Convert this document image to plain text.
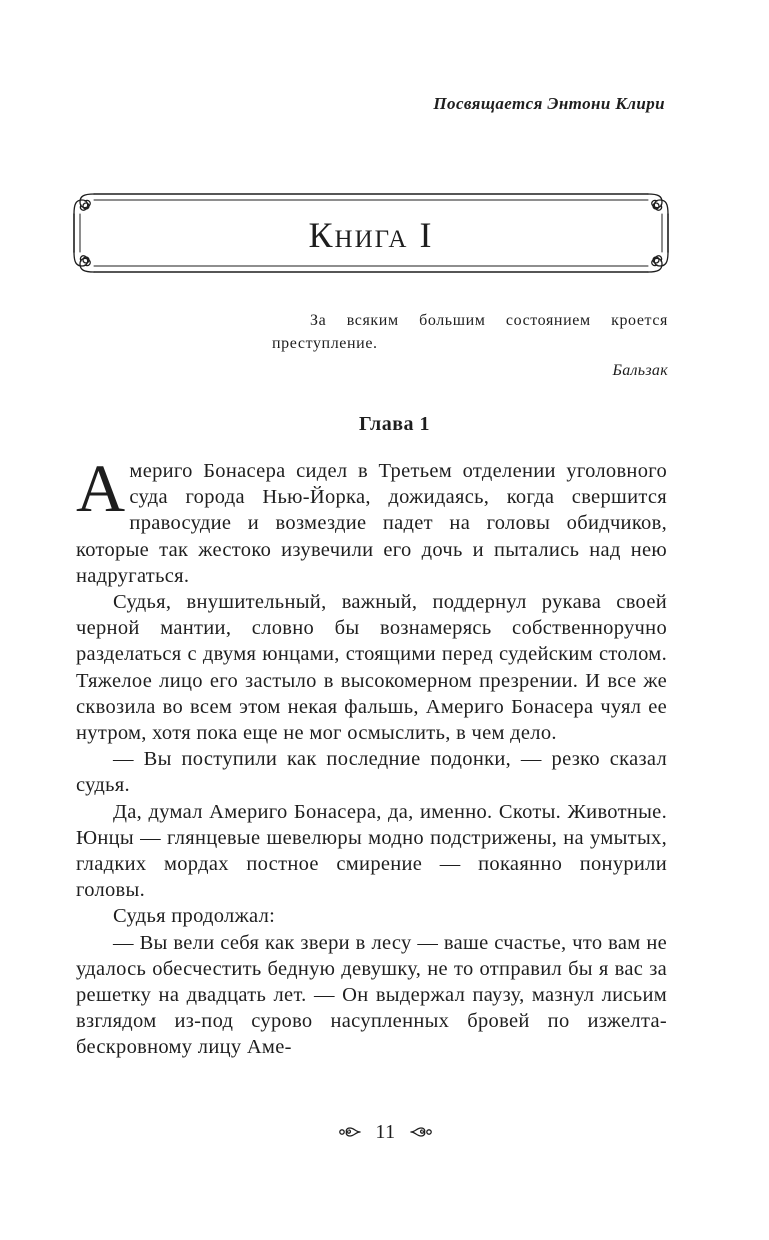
Посвящается Энтони Клири
Книга I
За всяким большим состоянием кроется преступление.
Бальзак
Глава 1

Америго Бонасера сидел в Третьем отделении уголовного суда города Нью-Йорка, дожидаясь, когда свершится правосудие и возмездие падет на головы обидчиков, которые так жестоко изувечили его дочь и пытались над нею надругаться.

Судья, внушительный, важный, поддернул рукава своей черной мантии, словно бы вознамерясь собственноручно разделаться с двумя юнцами, стоящими перед судейским столом. Тяжелое лицо его застыло в высокомерном презрении. И все же сквозила во всем этом некая фальшь, Америго Бонасера чуял ее нутром, хотя пока еще не мог осмыслить, в чем дело.

— Вы поступили как последние подонки, — резко сказал судья.

Да, думал Америго Бонасера, да, именно. Скоты. Животные. Юнцы — глянцевые шевелюры модно подстрижены, на умытых, гладких мордах постное смирение — покаянно понурили головы.

Судья продолжал:

— Вы вели себя как звери в лесу — ваше счастье, что вам не удалось обесчестить бедную девушку, не то отправил бы я вас за решетку на двадцать лет. — Он выдержал паузу, мазнул лисьим взглядом из-под сурово насупленных бровей по изжелта-бескровному лицу Аме-

11
